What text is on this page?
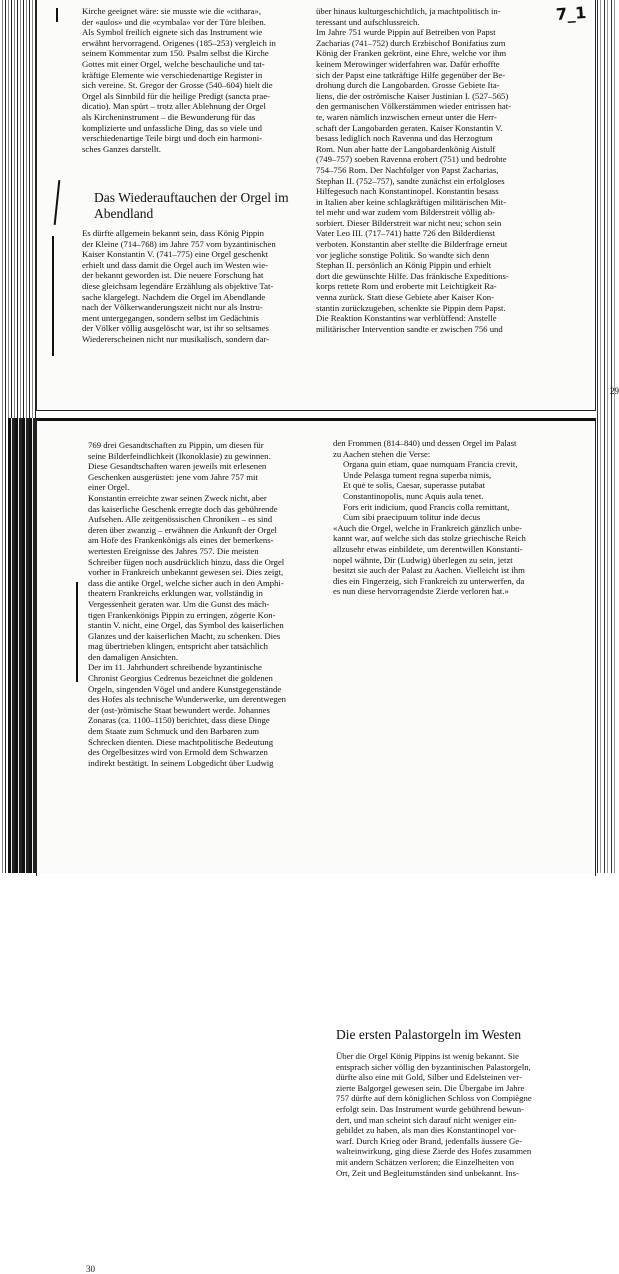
Kirche geeignet wäre: sie musste wie die «cithara»,

der «aulos» und die «cymbala» vor der Türe bleiben.

Als Symbol freilich eignete sich das Instrument wie

erwähnt hervorragend. Origenes (185–253) vergleich in

seinem Kommentar zum 150. Psalm selbst die Kirche

Gottes mit einer Orgel, welche beschauliche und tat-

kräftige Elemente wie verschiedenartige Register in

sich vereine. St. Gregor der Grosse (540–604) hielt die

Orgel als Sinnbild für die heilige Predigt (sancta prae-

dicatio). Man spürt – trotz aller Ablehnung der Orgel

als Kircheninstrument – die Bewunderung für das

komplizierte und unfassliche Ding, das so viele und

verschiedenartige Teile birgt und doch ein harmoni-

sches Ganzes darstellt.

Das Wiederauftauchen der Orgel im Abendland

Es dürfte allgemein bekannt sein, dass König Pippin

der Kleine (714–768) im Jahre 757 vom byzantinischen

Kaiser Konstantin V. (741–775) eine Orgel geschenkt

erhielt und dass damit die Orgel auch im Westen wie-

der bekannt geworden ist. Die neuere Forschung hat

diese gleichsam legendäre Erzählung als objektive Tat-

sache klargelegt. Nachdem die Orgel im Abendlande

nach der Völkerwanderungszeit nicht nur als Instru-

ment untergegangen, sondern selbst im Gedächtnis

der Völker völlig ausgelöscht war, ist ihr so seltsames

Wiedererscheinen nicht nur musikalisch, sondern dar-

über hinaus kulturgeschichtlich, ja machtpolitisch in-

teressant und aufschlussreich.

Im Jahre 751 wurde Pippin auf Betreiben von Papst

Zacharias (741–752) durch Erzbischof Bonifatius zum

König der Franken gekrönt, eine Ehre, welche vor ihm

keinem Merowinger widerfahren war. Dafür erhoffte

sich der Papst eine tatkräftige Hilfe gegenüber der Be-

drohung durch die Langobarden. Grosse Gebiete Ita-

liens, die der oströmische Kaiser Justinian I. (527–565)

den germanischen Völkerstämmen wieder entrissen hat-

te, waren nämlich inzwischen erneut unter die Herr-

schaft der Langobarden geraten. Kaiser Konstantin V.

besass lediglich noch Ravenna und das Herzogtum

Rom. Nun aber hatte der Langobardenkönig Aistulf

(749–757) soeben Ravenna erobert (751) und bedrohte

754–756 Rom. Der Nachfolger von Papst Zacharias,

Stephan II. (752–757), sandte zunächst ein erfolgloses

Hilfegesuch nach Konstantinopel. Konstantin besass

in Italien aber keine schlagkräftigen militärischen Mit-

tel mehr und war zudem vom Bilderstreit völlig ab-

sorbiert. Dieser Bilderstreit war nicht neu; schon sein

Vater Leo III. (717–741) hatte 726 den Bilderdienst

verboten. Konstantin aber stellte die Bilderfrage erneut

vor jegliche sonstige Politik. So wandte sich denn

Stephan II. persönlich an König Pippin und erhielt

dort die gewünschte Hilfe. Das fränkische Expeditions-

korps rettete Rom und eroberte mit Leichtigkeit Ra-

venna zurück. Statt diese Gebiete aber Kaiser Kon-

stantin zurückzugeben, schenkte sie Pippin dem Papst.

Die Reaktion Konstantins war verblüffend: Anstelle

militärischer Intervention sandte er zwischen 756 und

29
7_1

769 drei Gesandtschaften zu Pippin, um diesen für

seine Bilderfeindlichkeit (Ikonoklasie) zu gewinnen.

Diese Gesandtschaften waren jeweils mit erlesenen

Geschenken ausgerüstet: jene vom Jahre 757 mit

einer Orgel.

Konstantin erreichte zwar seinen Zweck nicht, aber

das kaiserliche Geschenk erregte doch das gebührende

Aufsehen. Alle zeitgenössischen Chroniken – es sind

deren über zwanzig – erwähnen die Ankunft der Orgel

am Hofe des Frankenkönigs als eines der bemerkens-

wertesten Ereignisse des Jahres 757. Die meisten

Schreiber fügen noch ausdrücklich hinzu, dass die Orgel

vorher in Frankreich unbekannt gewesen sei. Dies zeigt,

dass die antike Orgel, welche sicher auch in den Amphi-

theatern Frankreichs erklungen war, vollständig in

Vergessenheit geraten war. Um die Gunst des mäch-

tigen Frankenkönigs Pippin zu erringen, zögerte Kon-

stantin V. nicht, eine Orgel, das Symbol des kaiserlichen

Glanzes und der kaiserlichen Macht, zu schenken. Dies

mag übertrieben klingen, entspricht aber tatsächlich

den damaligen Ansichten.

Der im 11. Jahrhundert schreibende byzantinische

Chronist Georgius Cedrenus bezeichnet die goldenen

Orgeln, singenden Vögel und andere Kunstgegenstände

des Hofes als technische Wunderwerke, um derentwegen

der (ost-)römische Staat bewundert werde. Johannes

Zonaras (ca. 1100–1150) berichtet, dass diese Dinge

dem Staate zum Schmuck und den Barbaren zum

Schrecken dienten. Diese machtpolitische Bedeutung

des Orgelbesitzes wird von Ermold dem Schwarzen

indirekt bestätigt. In seinem Lobgedicht über Ludwig

den Frommen (814–840) und dessen Orgel im Palast

zu Aachen stehen die Verse:

Organa quin etiam, quae numquam Francia crevit,

Unde Pelasga tument regna superba nimis,

Et quė te solis, Caesar, superasse putabat

Constantinopolis, nunc Aquis aula tenet.

Fors erit indicium, quod Francis colla remittant,

Cum sibi praecipuum tolitur inde decus

«Auch die Orgel, welche in Frankreich gänzlich unbe-

kannt war, auf welche sich das stolze griechische Reich

allzusehr etwas einbildete, um derentwillen Konstanti-

nopel wähnte, Dir (Ludwig) überlegen zu sein, jetzt

besitzt sie auch der Palast zu Aachen. Vielleicht ist ihm

dies ein Fingerzeig, sich Frankreich zu unterwerfen, da

es nun diese hervorragendste Zierde verloren hat.»

Die ersten Palastorgeln im Westen

Über die Orgel König Pippins ist wenig bekannt. Sie

entsprach sicher völlig den byzantinischen Palastorgeln,

dürfte also eine mit Gold, Silber und Edelsteinen ver-

zierte Balgorgel gewesen sein. Die Übergabe im Jahre

757 dürfte auf dem königlichen Schloss von Compiègne

erfolgt sein. Das Instrument wurde gebührend bewun-

dert, und man scheint sich darauf nicht weniger ein-

gebildet zu haben, als man dies Konstantinopel vor-

warf. Durch Krieg oder Brand, jedenfalls äussere Ge-

walteinwirkung, ging diese Zierde des Hofes zusammen

mit andern Schätzen verloren; die Einzelheiten von

Ort, Zeit und Begleitumständen sind unbekannt. Ins-

30
